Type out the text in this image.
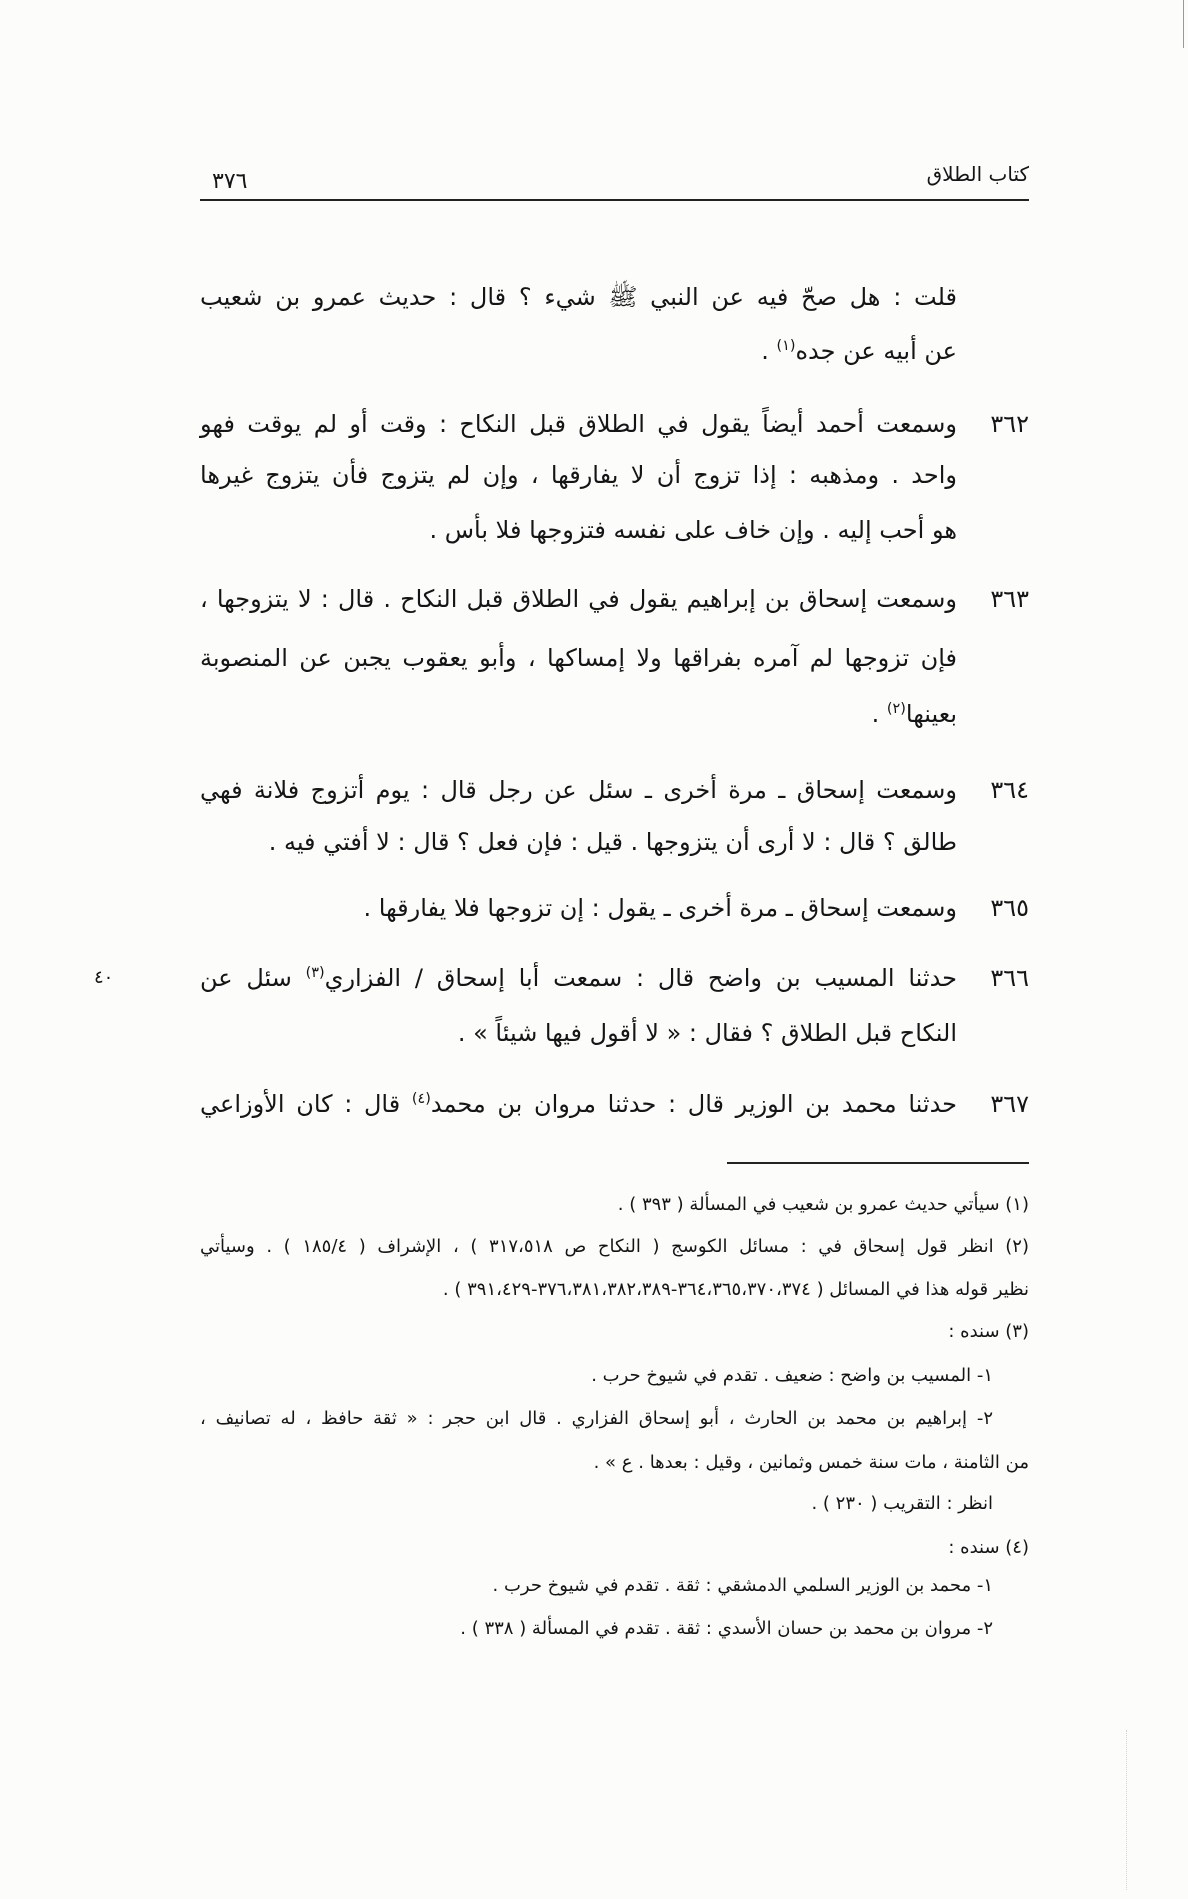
كتاب الطلاق
٣٧٦
قلت : هل صحّ فيه عن النبي ﷺ شيء ؟ قال : حديث عمرو بن شعيب
عن أبيه عن جده$^{(١)}$ .
٣٦٢
وسمعت أحمد أيضاً يقول في الطلاق قبل النكاح : وقت أو لم يوقت فهو
واحد . ومذهبه : إذا تزوج أن لا يفارقها ، وإن لم يتزوج فأن يتزوج غيرها
هو أحب إليه . وإن خاف على نفسه فتزوجها فلا بأس .
٣٦٣
وسمعت إسحاق بن إبراهيم يقول في الطلاق قبل النكاح . قال : لا يتزوجها ،
فإن تزوجها لم آمره بفراقها ولا إمساكها ، وأبو يعقوب يجبن عن المنصوبة
بعينها$^{(٢)}$ .
٣٦٤
وسمعت إسحاق ـ مرة أخرى ـ سئل عن رجل قال : يوم أتزوج فلانة فهي
طالق ؟ قال : لا أرى أن يتزوجها . قيل : فإن فعل ؟ قال : لا أفتي فيه .
٣٦٥
وسمعت إسحاق ـ مرة أخرى ـ يقول : إن تزوجها فلا يفارقها .
٣٦٦
حدثنا المسيب بن واضح قال : سمعت أبا إسحاق / الفزاري$^{(٣)}$ سئل عن
النكاح قبل الطلاق ؟ فقال : « لا أقول فيها شيئاً » .
٣٦٧
حدثنا محمد بن الوزير قال : حدثنا مروان بن محمد$^{(٤)}$ قال : كان الأوزاعي
٤٠
(١) سيأتي حديث عمرو بن شعيب في المسألة ( ٣٩٣ ) .
(٢) انظر قول إسحاق في : مسائل الكوسج ( النكاح ص ٣١٧،٥١٨ ) ، الإشراف ( ١٨٥/٤ ) . وسيأتي
نظير قوله هذا في المسائل ( ٣٦٤،٣٦٥،٣٧٠،٣٧٤-٣٧٦،٣٨١،٣٨٢،٣٨٩-٣٩١،٤٢٩ ) .
(٣) سنده :
١- المسيب بن واضح : ضعيف . تقدم في شيوخ حرب .
٢- إبراهيم بن محمد بن الحارث ، أبو إسحاق الفزاري . قال ابن حجر : « ثقة حافظ ، له تصانيف ،
من الثامنة ، مات سنة خمس وثمانين ، وقيل : بعدها . ع » .
انظر : التقريب ( ٢٣٠ ) .
(٤) سنده :
١- محمد بن الوزير السلمي الدمشقي : ثقة . تقدم في شيوخ حرب .
٢- مروان بن محمد بن حسان الأسدي : ثقة . تقدم في المسألة ( ٣٣٨ ) .
